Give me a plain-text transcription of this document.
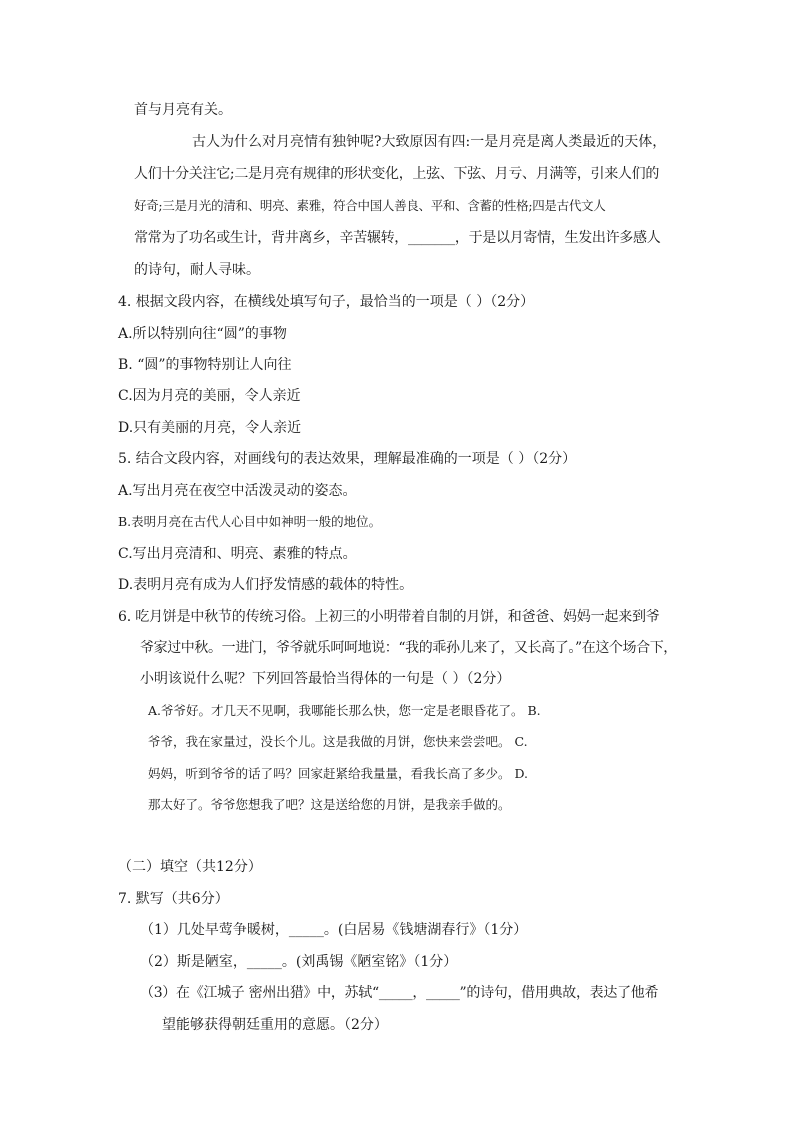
首与月亮有关。

古人为什么对月亮情有独钟呢?大致原因有四:一是月亮是离人类最近的天体，

人们十分关注它;二是月亮有规律的形状变化，上弦、下弦、月亏、月满等，引来人们的

好奇;三是月光的清和、明亮、素雅，符合中国人善良、平和、含蓄的性格;四是古代文人

常常为了功名或生计，背井离乡，辛苦辗转，_______，于是以月寄情，生发出许多感人

的诗句，耐人寻味。

4. 根据文段内容，在横线处填写句子，最恰当的一项是（ ）（2分）

A.所以特别向往“圆”的事物

B. “圆”的事物特别让人向往

C.因为月亮的美丽，令人亲近

D.只有美丽的月亮，令人亲近

5. 结合文段内容，对画线句的表达效果，理解最准确的一项是（ ）（2分）

A.写出月亮在夜空中活泼灵动的姿态。

B.表明月亮在古代人心目中如神明一般的地位。

C.写出月亮清和、明亮、素雅的特点。

D.表明月亮有成为人们抒发情感的载体的特性。

6. 吃月饼是中秋节的传统习俗。上初三的小明带着自制的月饼，和爸爸、妈妈一起来到爷

爷家过中秋。一进门，爷爷就乐呵呵地说：“我的乖孙儿来了，又长高了。”在这个场合下，

小明该说什么呢？下列回答最恰当得体的一句是（ ）（2分）

A.爷爷好。才几天不见啊，我哪能长那么快，您一定是老眼昏花了。 B.

爷爷，我在家量过，没长个儿。这是我做的月饼，您快来尝尝吧。 C.

妈妈，听到爷爷的话了吗？回家赶紧给我量量，看我长高了多少。 D.

那太好了。爷爷您想我了吧？这是送给您的月饼，是我亲手做的。

（二）填空（共12分）

7. 默写（共6分）

（1）几处早莺争暖树，_____。(白居易《钱塘湖春行》（1分）

（2）斯是陋室，_____。(刘禹锡《陋室铭》（1分）

（3）在《江城子 密州出猎》中，苏轼“_____，_____”的诗句，借用典故，表达了他希

望能够获得朝廷重用的意愿。（2分）
